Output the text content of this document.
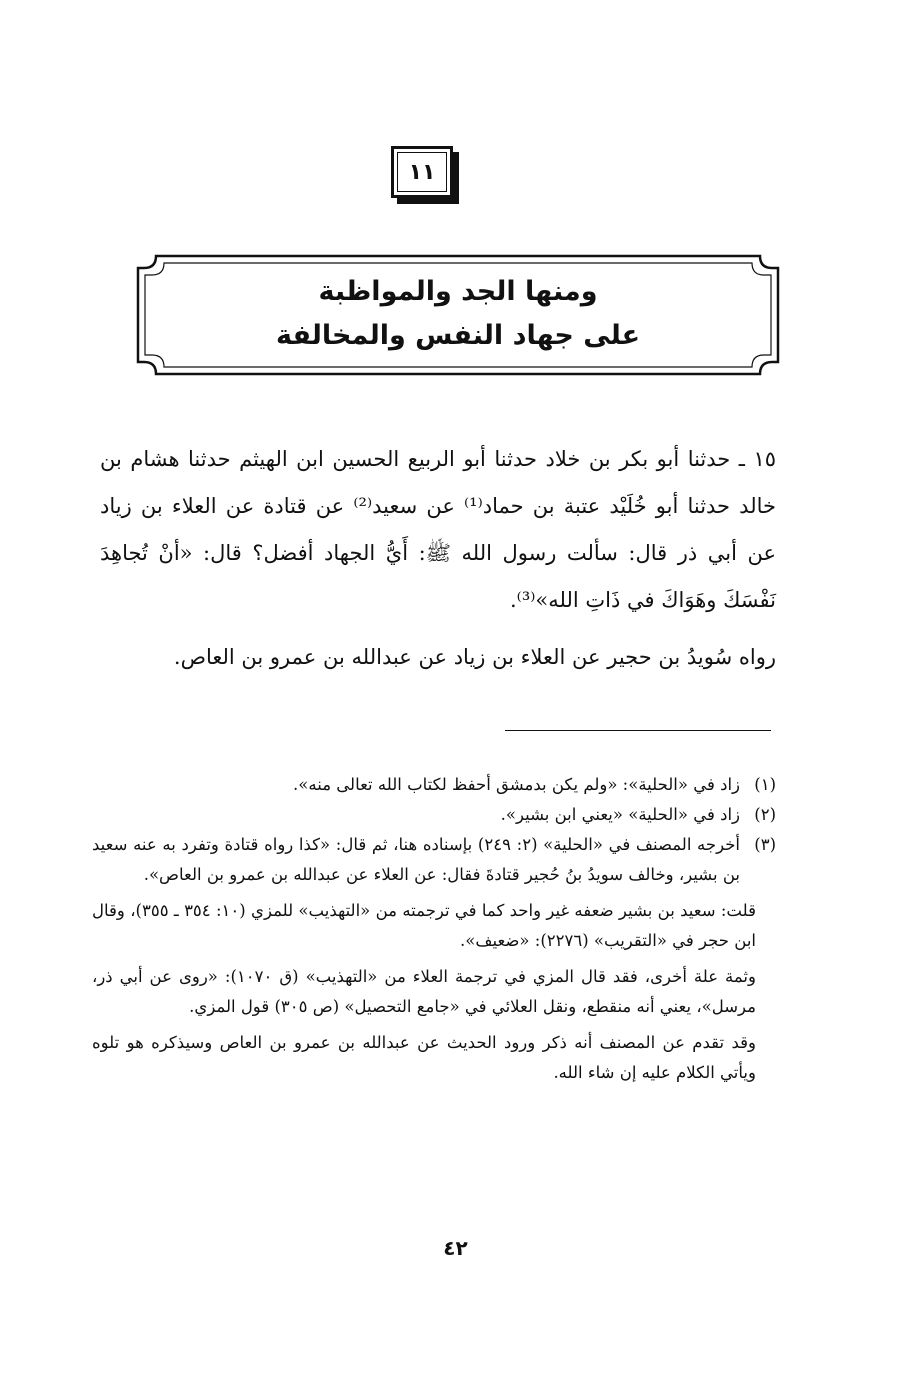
١١
ومنها الجد والمواظبة
على جهاد النفس والمخالفة

١٥ ـ حدثنا أبو بكر بن خلاد حدثنا أبو الربيع الحسين ابن الهيثم حدثنا هشام بن خالد حدثنا أبو خُلَيْد عتبة بن حماد⁽¹⁾ عن سعيد⁽²⁾ عن قتادة عن العلاء بن زياد عن أبي ذر قال: سألت رسول الله ﷺ: أَيُّ الجهاد أفضل؟ قال: «أنْ تُجاهِدَ نَفْسَكَ وهَوَاكَ في ذَاتِ الله»⁽³⁾.

رواه سُويدُ بن حجير عن العلاء بن زياد عن عبدالله بن عمرو بن العاص.

(١)
زاد في «الحلية»: «ولم يكن بدمشق أحفظ لكتاب الله تعالى منه».

(٢)
زاد في «الحلية» «يعني ابن بشير».

(٣)
أخرجه المصنف في «الحلية» (٢: ٢٤٩) بإسناده هنا، ثم قال: «كذا رواه قتادة وتفرد به عنه سعيد بن بشير، وخالف سويدُ بنُ حُجير قتادةَ فقال: عن العلاء عن عبدالله بن عمرو بن العاص».

قلت: سعيد بن بشير ضعفه غير واحد كما في ترجمته من «التهذيب» للمزي (١٠: ٣٥٤ ـ ٣٥٥)، وقال ابن حجر في «التقريب» (٢٢٧٦): «ضعيف».

وثمة علة أخرى، فقد قال المزي في ترجمة العلاء من «التهذيب» (ق ١٠٧٠): «روى عن أبي ذر، مرسل»، يعني أنه منقطع، ونقل العلائي في «جامع التحصيل» (ص ٣٠٥) قول المزي.

وقد تقدم عن المصنف أنه ذكر ورود الحديث عن عبدالله بن عمرو بن العاص وسيذكره هو تلوه ويأتي الكلام عليه إن شاء الله.

٤٢
